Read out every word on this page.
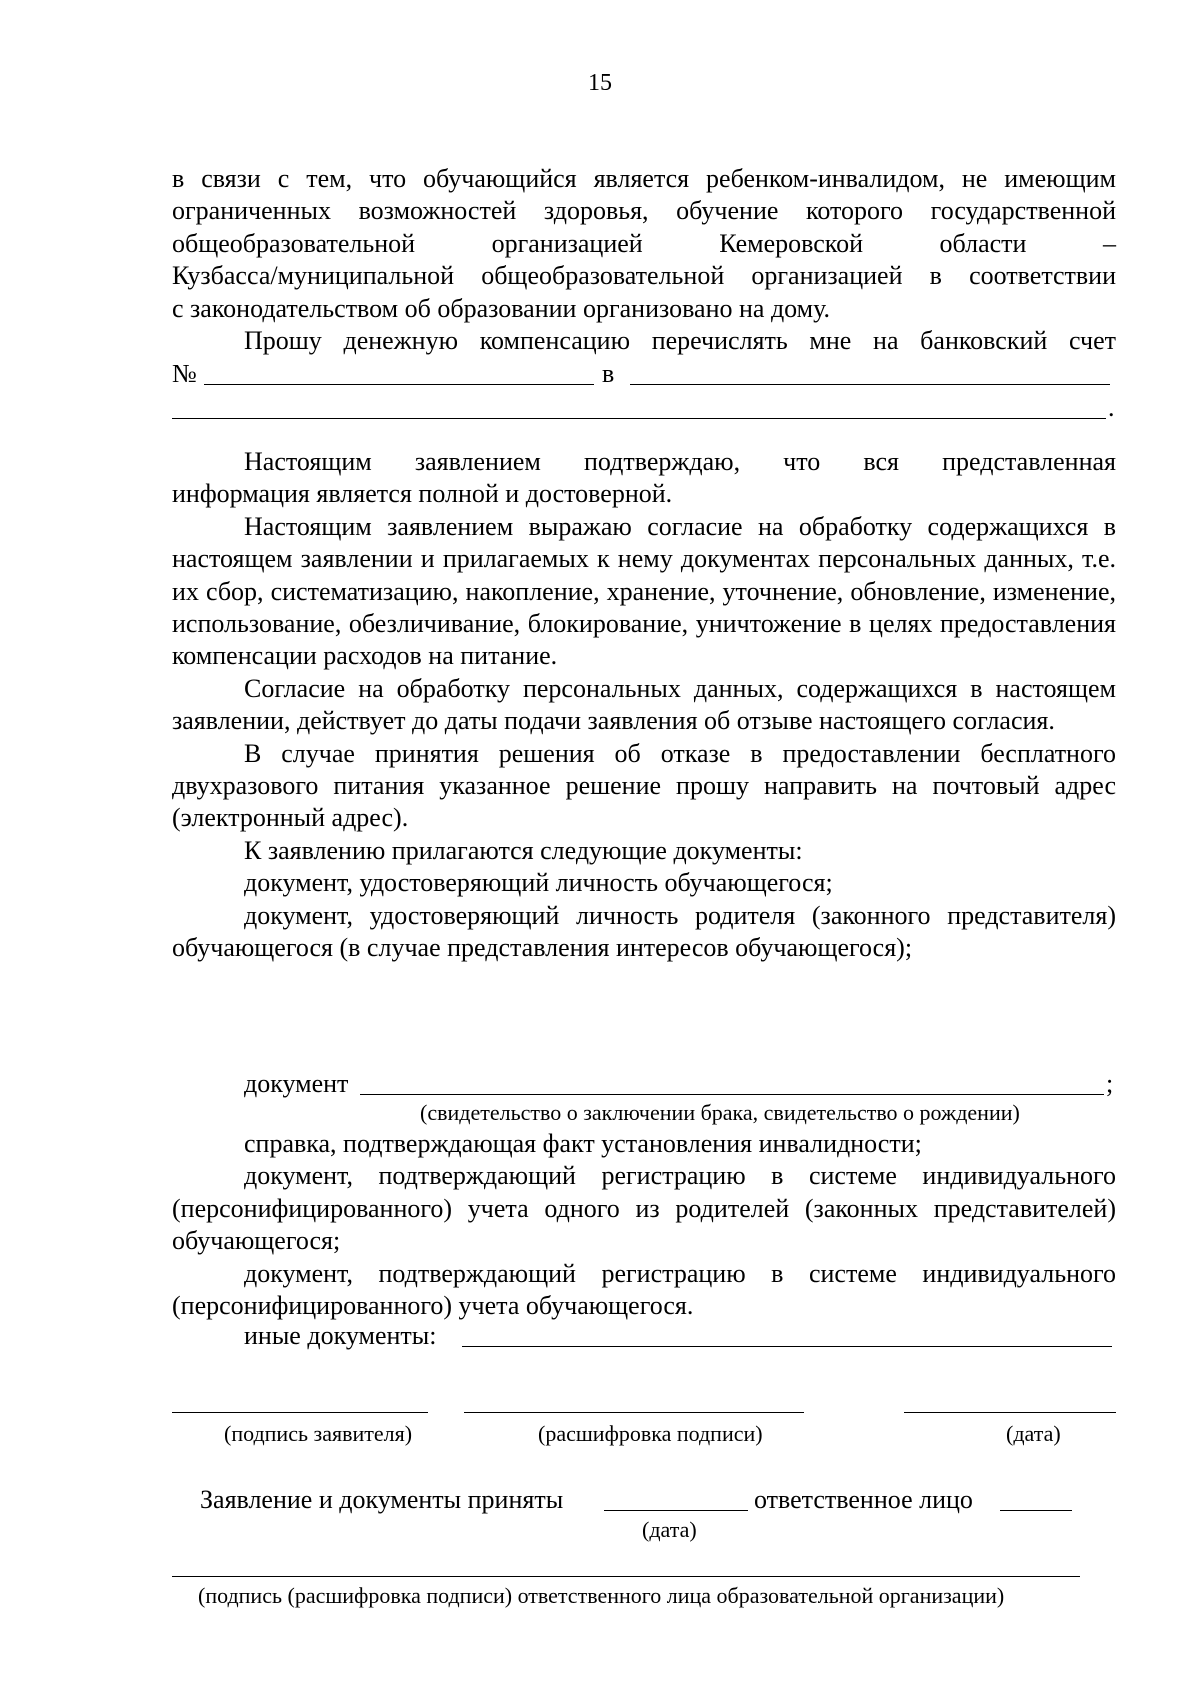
15

в связи с тем, что обучающийся является ребенком-инвалидом, не имеющим

ограниченных возможностей здоровья, обучение которого государственной

общеобразовательной организацией Кемеровской области –

Кузбасса/муниципальной общеобразовательной организацией в соответствии

с законодательством об образовании организовано на дому.

Прошу денежную компенсацию перечислять мне на банковский счет

№	в
.

Настоящим заявлением подтверждаю, что вся представленная

информация является полной и достоверной.

Настоящим заявлением выражаю согласие на обработку содержащихся в настоящем заявлении и прилагаемых к нему документах персональных данных, т.е. их сбор, систематизацию, накопление, хранение, уточнение, обновление, изменение, использование, обезличивание, блокирование, уничтожение в целях предоставления компенсации расходов на питание.

Согласие на обработку персональных данных, содержащихся в настоящем заявлении, действует до даты подачи заявления об отзыве настоящего согласия.

В случае принятия решения об отказе в предоставлении бесплатного двухразового питания указанное решение прошу направить на почтовый адрес (электронный адрес).

К заявлению прилагаются следующие документы:

документ, удостоверяющий личность обучающегося;

документ, удостоверяющий личность родителя (законного представителя) обучающегося (в случае представления интересов обучающегося);

документ	;
(свидетельство о заключении брака, свидетельство о рождении)

справка, подтверждающая факт установления инвалидности;

документ, подтверждающий регистрацию в системе индивидуального (персонифицированного) учета одного из родителей (законных представителей) обучающегося;

документ, подтверждающий регистрацию в системе индивидуального (персонифицированного) учета обучающегося.

иные документы:
(подпись заявителя)	(расшифровка подписи)	(дата)
Заявление и документы приняты	ответственное лицо
(дата)
(подпись (расшифровка подписи) ответственного лица образовательной организации)
